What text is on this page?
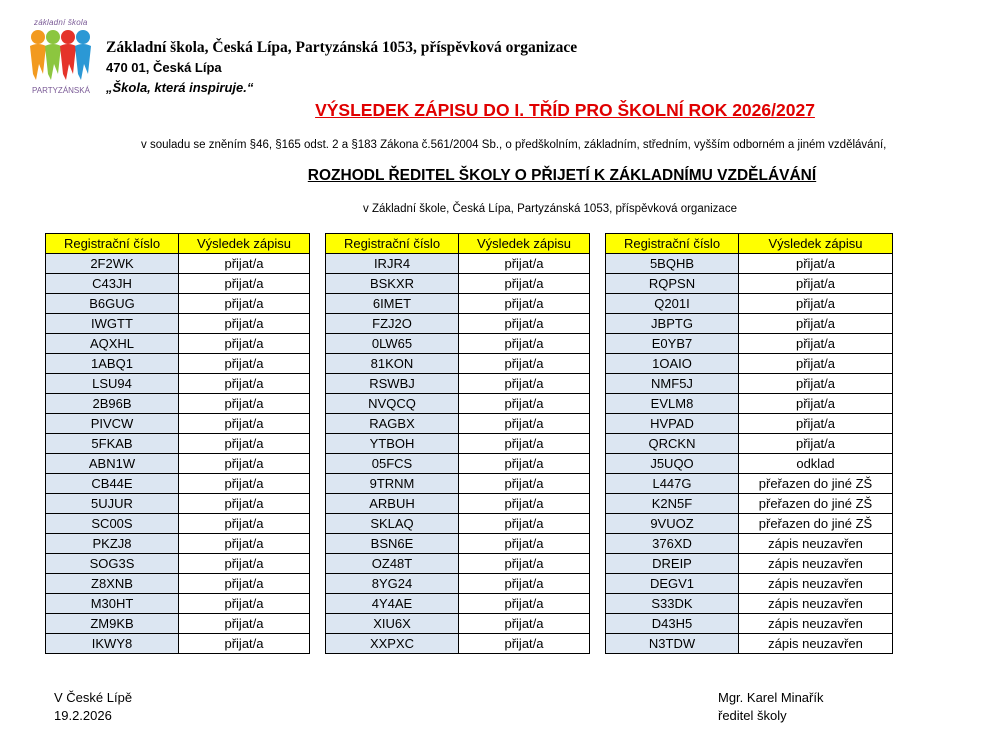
základní škola
PARTYZÁNSKÁ
Základní škola, Česká Lípa, Partyzánská 1053, příspěvková organizace
470 01, Česká Lípa
„Škola, která inspiruje.“
VÝSLEDEK ZÁPISU DO I. TŘÍD PRO ŠKOLNÍ ROK 2026/2027
v souladu se zněním §46, §165 odst. 2 a §183 Zákona č.561/2004 Sb., o předškolním, základním, středním, vyšším odborném a jiném vzdělávání,
ROZHODL ŘEDITEL ŠKOLY O PŘIJETÍ K ZÁKLADNÍMU VZDĚLÁVÁNÍ
v Základní škole, Česká Lípa, Partyzánská 1053, příspěvková organizace
Registrační číslo	Výsledek zápisu
2F2WK	přijat/a
C43JH	přijat/a
B6GUG	přijat/a
IWGTT	přijat/a
AQXHL	přijat/a
1ABQ1	přijat/a
LSU94	přijat/a
2B96B	přijat/a
PIVCW	přijat/a
5FKAB	přijat/a
ABN1W	přijat/a
CB44E	přijat/a
5UJUR	přijat/a
SC00S	přijat/a
PKZJ8	přijat/a
SOG3S	přijat/a
Z8XNB	přijat/a
M30HT	přijat/a
ZM9KB	přijat/a
IKWY8	přijat/a
Registrační číslo	Výsledek zápisu
IRJR4	přijat/a
BSKXR	přijat/a
6IMET	přijat/a
FZJ2O	přijat/a
0LW65	přijat/a
81KON	přijat/a
RSWBJ	přijat/a
NVQCQ	přijat/a
RAGBX	přijat/a
YTBOH	přijat/a
05FCS	přijat/a
9TRNM	přijat/a
ARBUH	přijat/a
SKLAQ	přijat/a
BSN6E	přijat/a
OZ48T	přijat/a
8YG24	přijat/a
4Y4AE	přijat/a
XIU6X	přijat/a
XXPXC	přijat/a
Registrační číslo	Výsledek zápisu
5BQHB	přijat/a
RQPSN	přijat/a
Q201I	přijat/a
JBPTG	přijat/a
E0YB7	přijat/a
1OAIO	přijat/a
NMF5J	přijat/a
EVLM8	přijat/a
HVPAD	přijat/a
QRCKN	přijat/a
J5UQO	odklad
L447G	přeřazen do jiné ZŠ
K2N5F	přeřazen do jiné ZŠ
9VUOZ	přeřazen do jiné ZŠ
376XD	zápis neuzavřen
DREIP	zápis neuzavřen
DEGV1	zápis neuzavřen
S33DK	zápis neuzavřen
D43H5	zápis neuzavřen
N3TDW	zápis neuzavřen
V České Lípě
19.2.2026
Mgr. Karel Minařík
ředitel školy
